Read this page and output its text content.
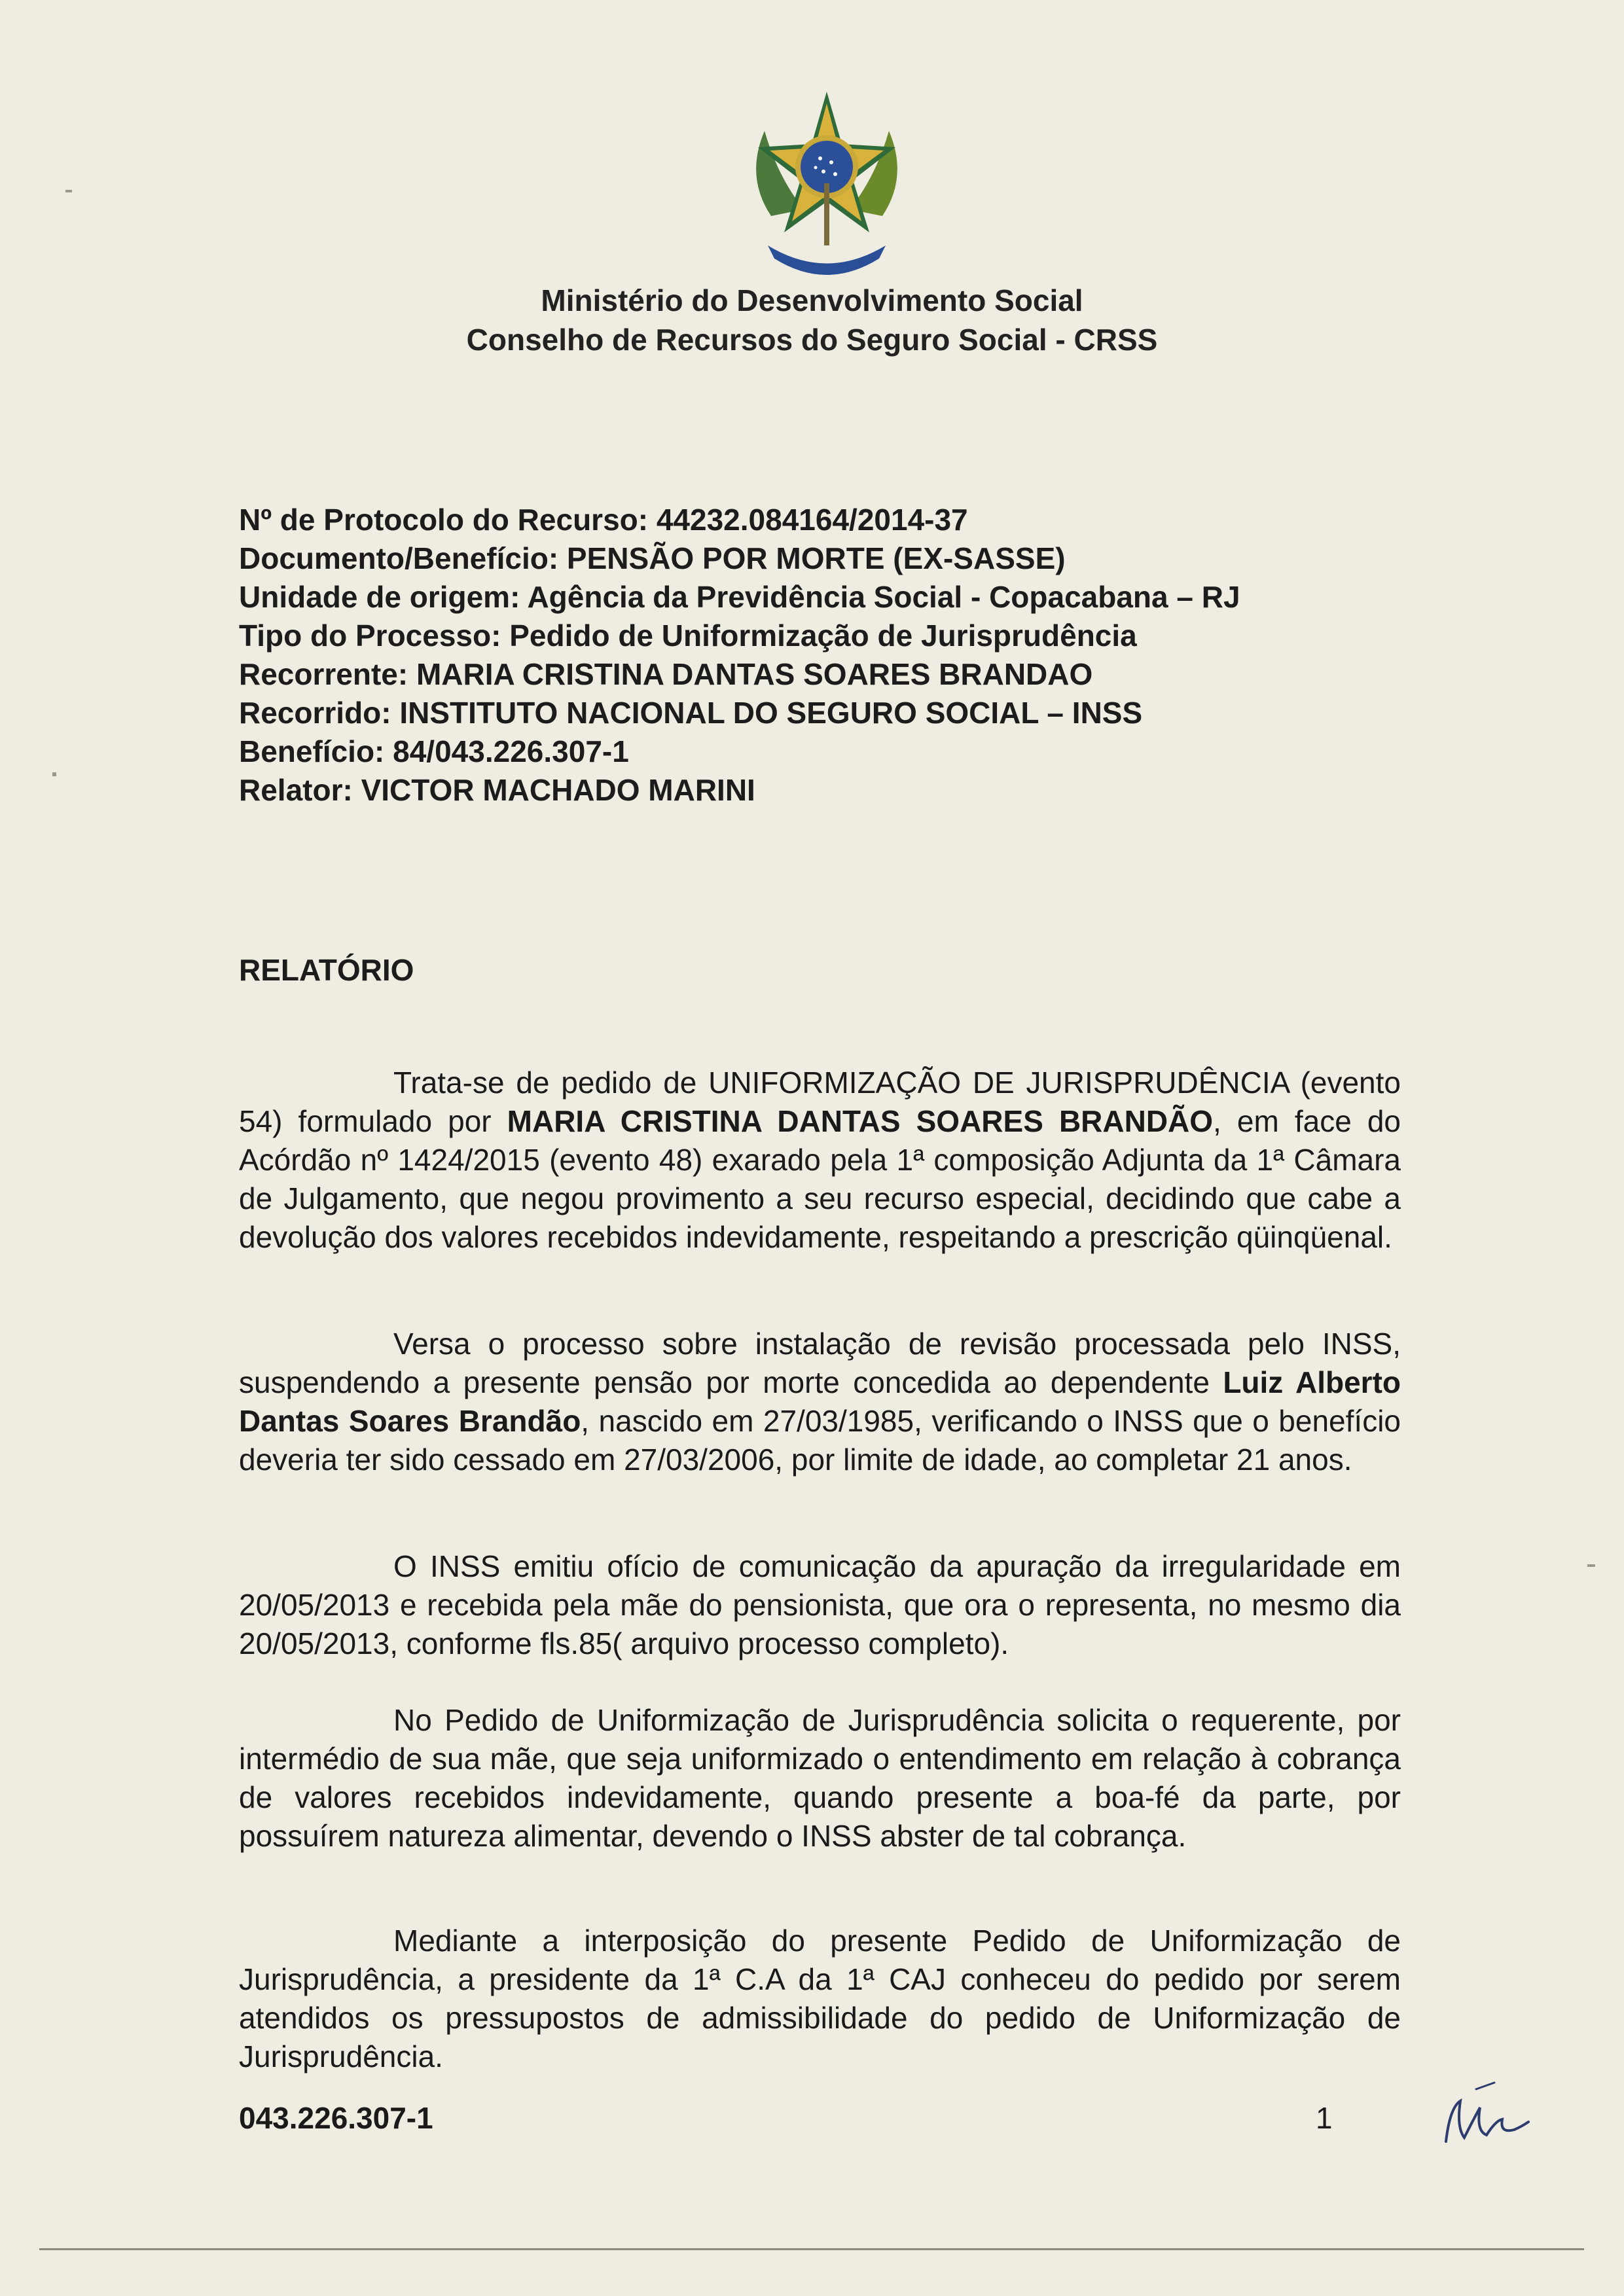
Ministério do Desenvolvimento Social
Conselho de Recursos do Seguro Social - CRSS
Nº de Protocolo do Recurso: 44232.084164/2014-37
Documento/Benefício: PENSÃO POR MORTE (EX-SASSE)
Unidade de origem: Agência da Previdência Social - Copacabana – RJ
Tipo do Processo: Pedido de Uniformização de Jurisprudência
Recorrente: MARIA CRISTINA DANTAS SOARES BRANDAO
Recorrido: INSTITUTO NACIONAL DO SEGURO SOCIAL – INSS
Benefício: 84/043.226.307-1
Relator: VICTOR MACHADO MARINI
RELATÓRIO
Trata-se de pedido de UNIFORMIZAÇÃO DE JURISPRUDÊNCIA (evento 54) formulado por MARIA CRISTINA DANTAS SOARES BRANDÃO, em face do Acórdão nº 1424/2015 (evento 48) exarado pela 1ª composição Adjunta da 1ª Câmara de Julgamento, que negou provimento a seu recurso especial, decidindo que cabe a devolução dos valores recebidos indevidamente, respeitando a prescrição qüinqüenal.
Versa o processo sobre instalação de revisão processada pelo INSS, suspendendo a presente pensão por morte concedida ao dependente Luiz Alberto Dantas Soares Brandão, nascido em 27/03/1985, verificando o INSS que o benefício deveria ter sido cessado em 27/03/2006, por limite de idade, ao completar 21 anos.
O INSS emitiu ofício de comunicação da apuração da irregularidade em 20/05/2013 e recebida pela mãe do pensionista, que ora o representa, no mesmo dia 20/05/2013, conforme fls.85( arquivo processo completo).
No Pedido de Uniformização de Jurisprudência solicita o requerente, por intermédio de sua mãe, que seja uniformizado o entendimento em relação à cobrança de valores recebidos indevidamente, quando presente a boa-fé da parte, por possuírem natureza alimentar, devendo o INSS abster de tal cobrança.
Mediante a interposição do presente Pedido de Uniformização de Jurisprudência, a presidente da 1ª C.A da 1ª CAJ conheceu do pedido por serem atendidos os pressupostos de admissibilidade do pedido de Uniformização de Jurisprudência.
043.226.307-1	1
